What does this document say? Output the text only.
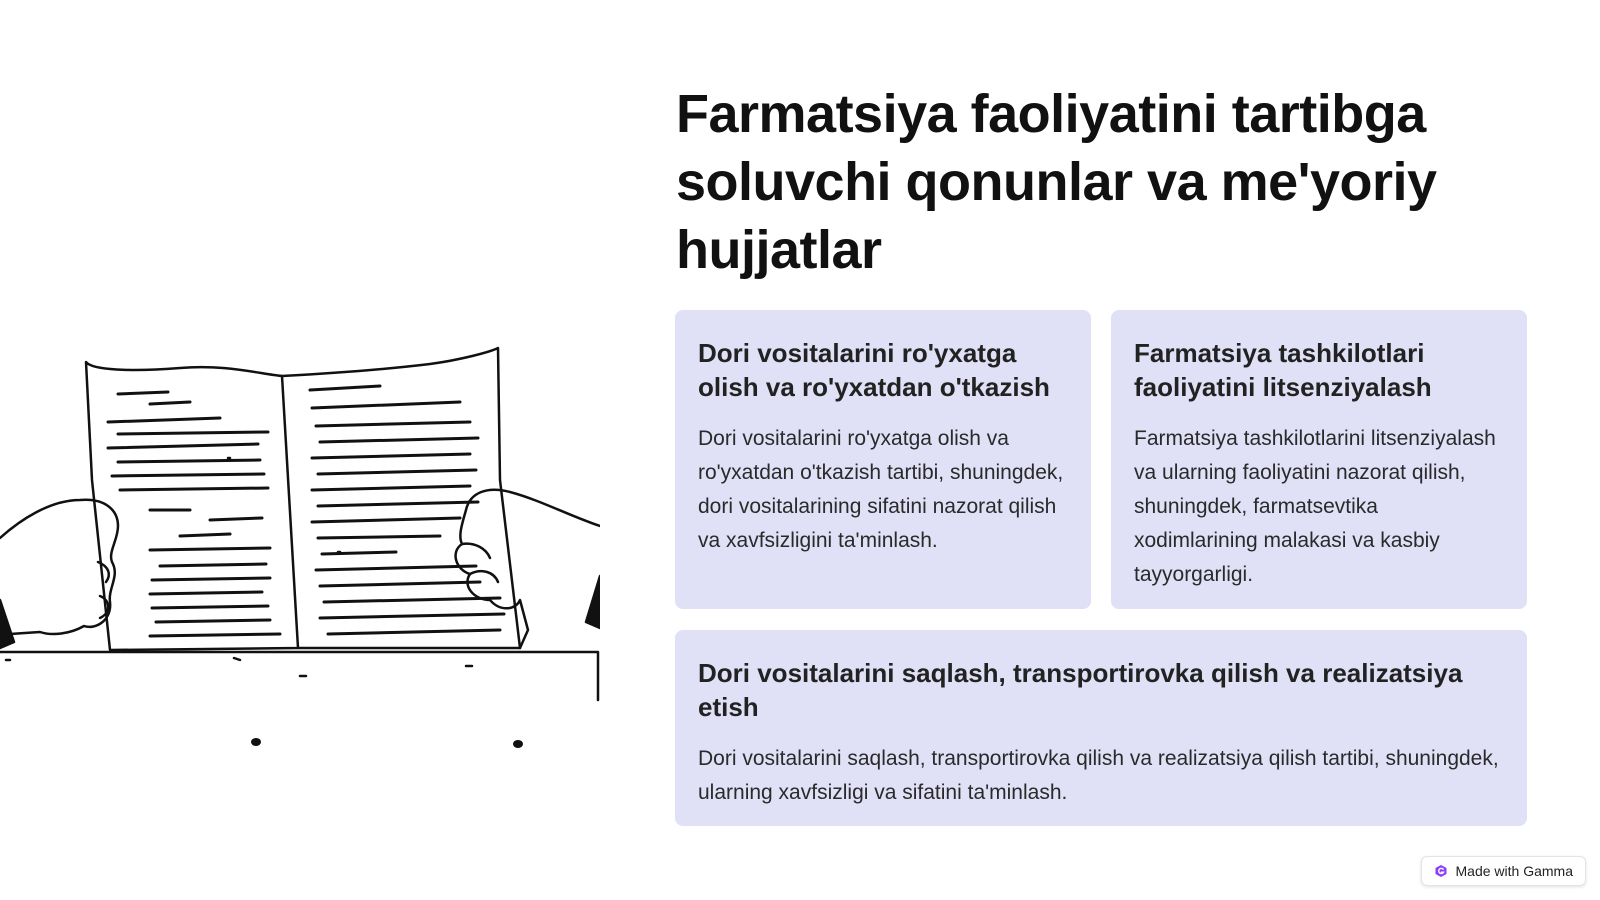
Farmatsiya faoliyatini tartibga soluvchi qonunlar va me'yoriy hujjatlar
Dori vositalarini ro'yxatga olish va ro'yxatdan o'tkazish

Dori vositalarini ro'yxatga olish va ro'yxatdan o'tkazish tartibi, shuningdek, dori vositalarining sifatini nazorat qilish va xavfsizligini ta'minlash.

Farmatsiya tashkilotlari faoliyatini litsenziyalash

Farmatsiya tashkilotlarini litsenziyalash va ularning faoliyatini nazorat qilish, shuningdek, farmatsevtika xodimlarining malakasi va kasbiy tayyorgarligi.

Dori vositalarini saqlash, transportirovka qilish va realizatsiya etish

Dori vositalarini saqlash, transportirovka qilish va realizatsiya qilish tartibi, shuningdek, ularning xavfsizligi va sifatini ta'minlash.

Made with Gamma
